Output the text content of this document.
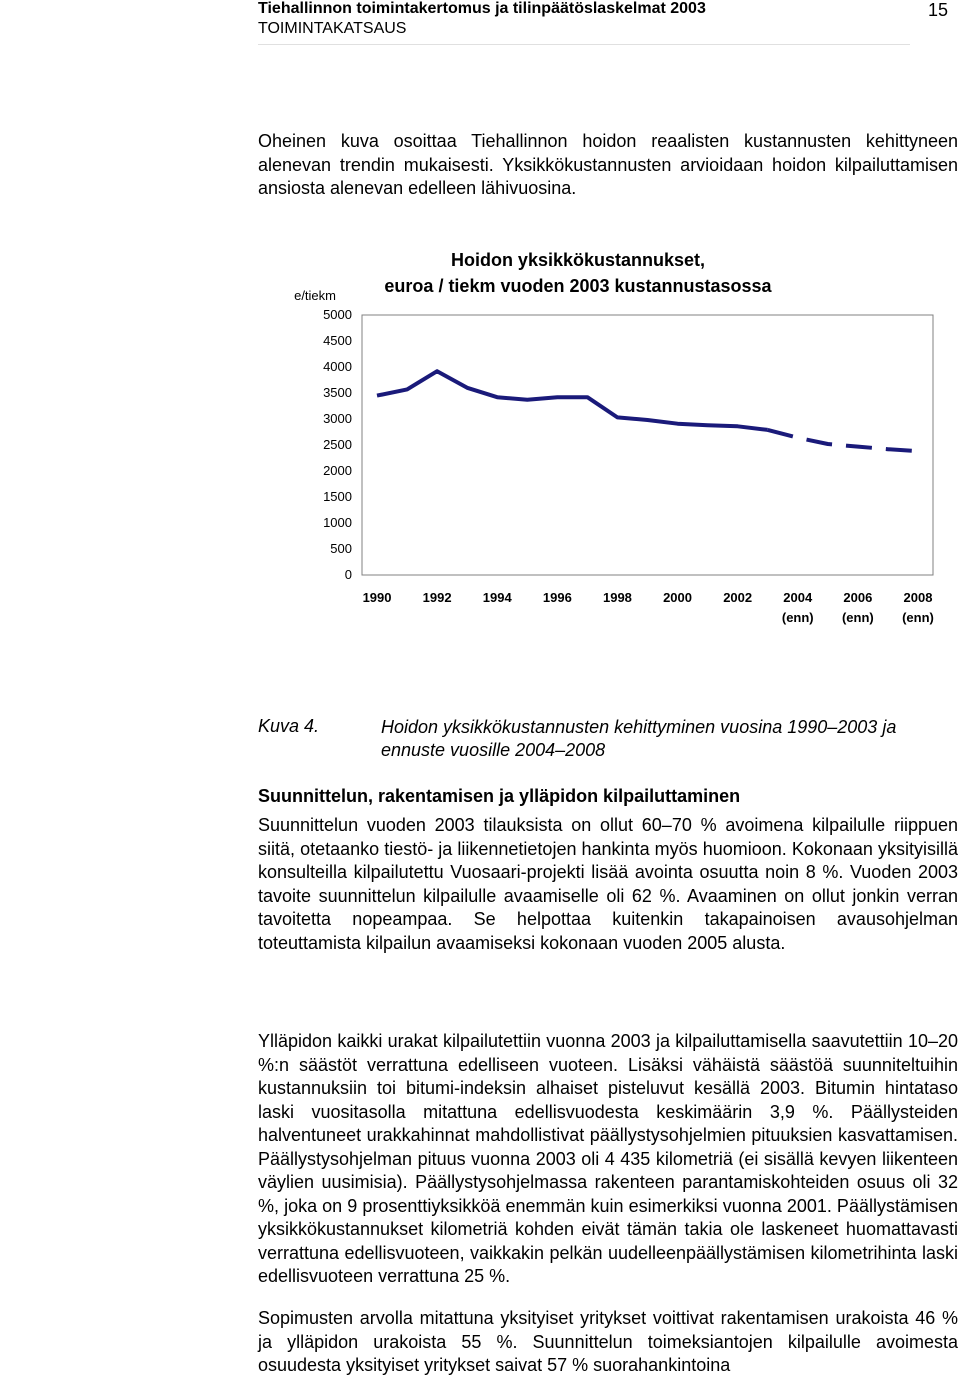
Tiehallinnon toimintakertomus ja tilinpäätöslaskelmat 2003
TOIMINTAKATSAUS
15

Oheinen kuva osoittaa Tiehallinnon hoidon reaalisten kustannusten kehittyneen alenevan trendin mukaisesti. Yksikkökustannusten arvioidaan hoidon kilpailuttamisen ansiosta alenevan edelleen lähivuosina.

Hoidon yksikkökustannukset,
euroa / tiekm vuoden 2003 kustannustasossa
e/tiekm
5000
4500
4000
3500
3000
2500
2000
1500
1000
500
0
1990 1992 1994 1996 1998 2000 2002 2004
(enn)
2006
(enn)
2008
(enn)
Kuva 4.	Hoidon yksikkökustannusten kehittyminen vuosina 1990–2003 ja ennuste vuosille 2004–2008
Suunnittelun, rakentamisen ja ylläpidon kilpailuttaminen

Suunnittelun vuoden 2003 tilauksista on ollut 60–70 % avoimena kilpailulle riippuen siitä, otetaanko tiestö- ja liikennetietojen hankinta myös huomioon. Kokonaan yksityisillä konsulteilla kilpailutettu Vuosaari-projekti lisää avointa osuutta noin 8 %. Vuoden 2003 tavoite suunnittelun kilpailulle avaamiselle oli 62 %. Avaaminen on ollut jonkin verran tavoitetta nopeampaa. Se helpottaa kuitenkin takapainoisen avausohjelman toteuttamista kilpailun avaamiseksi kokonaan vuoden 2005 alusta.

Ylläpidon kaikki urakat kilpailutettiin vuonna 2003 ja kilpailuttamisella saavutettiin 10–20 %:n säästöt verrattuna edelliseen vuoteen. Lisäksi vähäistä säästöä suunniteltuihin kustannuksiin toi bitumi-indeksin alhaiset pisteluvut kesällä 2003. Bitumin hintataso laski vuositasolla mitattuna edellisvuodesta keskimäärin 3,9 %. Päällysteiden halventuneet urakkahinnat mahdollistivat päällystysohjelmien pituuksien kasvattamisen. Päällystysohjelman pituus vuonna 2003 oli 4 435 kilometriä (ei sisällä kevyen liikenteen väylien uusimisia). Päällystysohjelmassa rakenteen parantamiskohteiden osuus oli 32 %, joka on 9 prosenttiyksikköä enemmän kuin esimerkiksi vuonna 2001. Päällystämisen yksikkökustannukset kilometriä kohden eivät tämän takia ole laskeneet huomattavasti verrattuna edellisvuoteen, vaikkakin pelkän uudelleenpäällystämisen kilometrihinta laski edellisvuoteen verrattuna 25 %.

Sopimusten arvolla mitattuna yksityiset yritykset voittivat rakentamisen urakoista 46 % ja ylläpidon urakoista 55 %. Suunnittelun toimeksiantojen kilpailulle avoimesta osuudesta yksityiset yritykset saivat 57 % suorahankintoina
